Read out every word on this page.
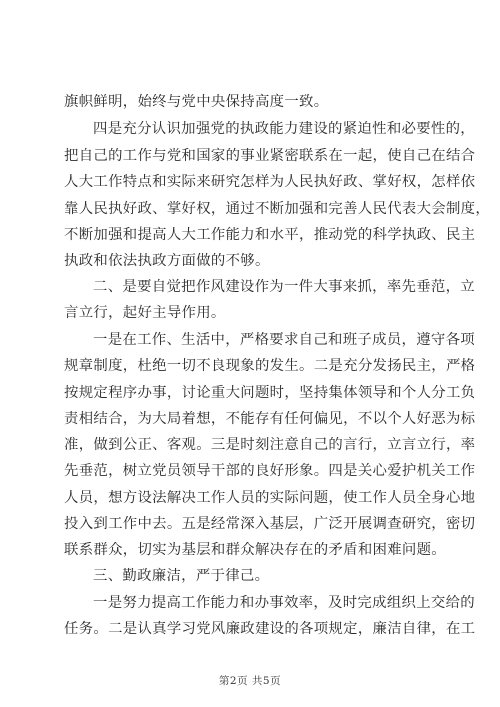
旗帜鲜明，始终与党中央保持高度一致。
四是充分认识加强党的执政能力建设的紧迫性和必要性的，
把自己的工作与党和国家的事业紧密联系在一起，使自己在结合
人大工作特点和实际来研究怎样为人民执好政、掌好权，怎样依
靠人民执好政、掌好权，通过不断加强和完善人民代表大会制度，
不断加强和提高人大工作能力和水平，推动党的科学执政、民主
执政和依法执政方面做的不够。
二、是要自觉把作风建设作为一件大事来抓，率先垂范，立
言立行，起好主导作用。
一是在工作、生活中，严格要求自己和班子成员，遵守各项
规章制度，杜绝一切不良现象的发生。二是充分发扬民主，严格
按规定程序办事，讨论重大问题时，坚持集体领导和个人分工负
责相结合，为大局着想，不能存有任何偏见，不以个人好恶为标
准，做到公正、客观。三是时刻注意自己的言行，立言立行，率
先垂范，树立党员领导干部的良好形象。四是关心爱护机关工作
人员，想方设法解决工作人员的实际问题，使工作人员全身心地
投入到工作中去。五是经常深入基层，广泛开展调查研究，密切
联系群众，切实为基层和群众解决存在的矛盾和困难问题。
三、勤政廉洁，严于律己。
一是努力提高工作能力和办事效率，及时完成组织上交给的
任务。二是认真学习党风廉政建设的各项规定，廉洁自律，在工
第2页 共5页
